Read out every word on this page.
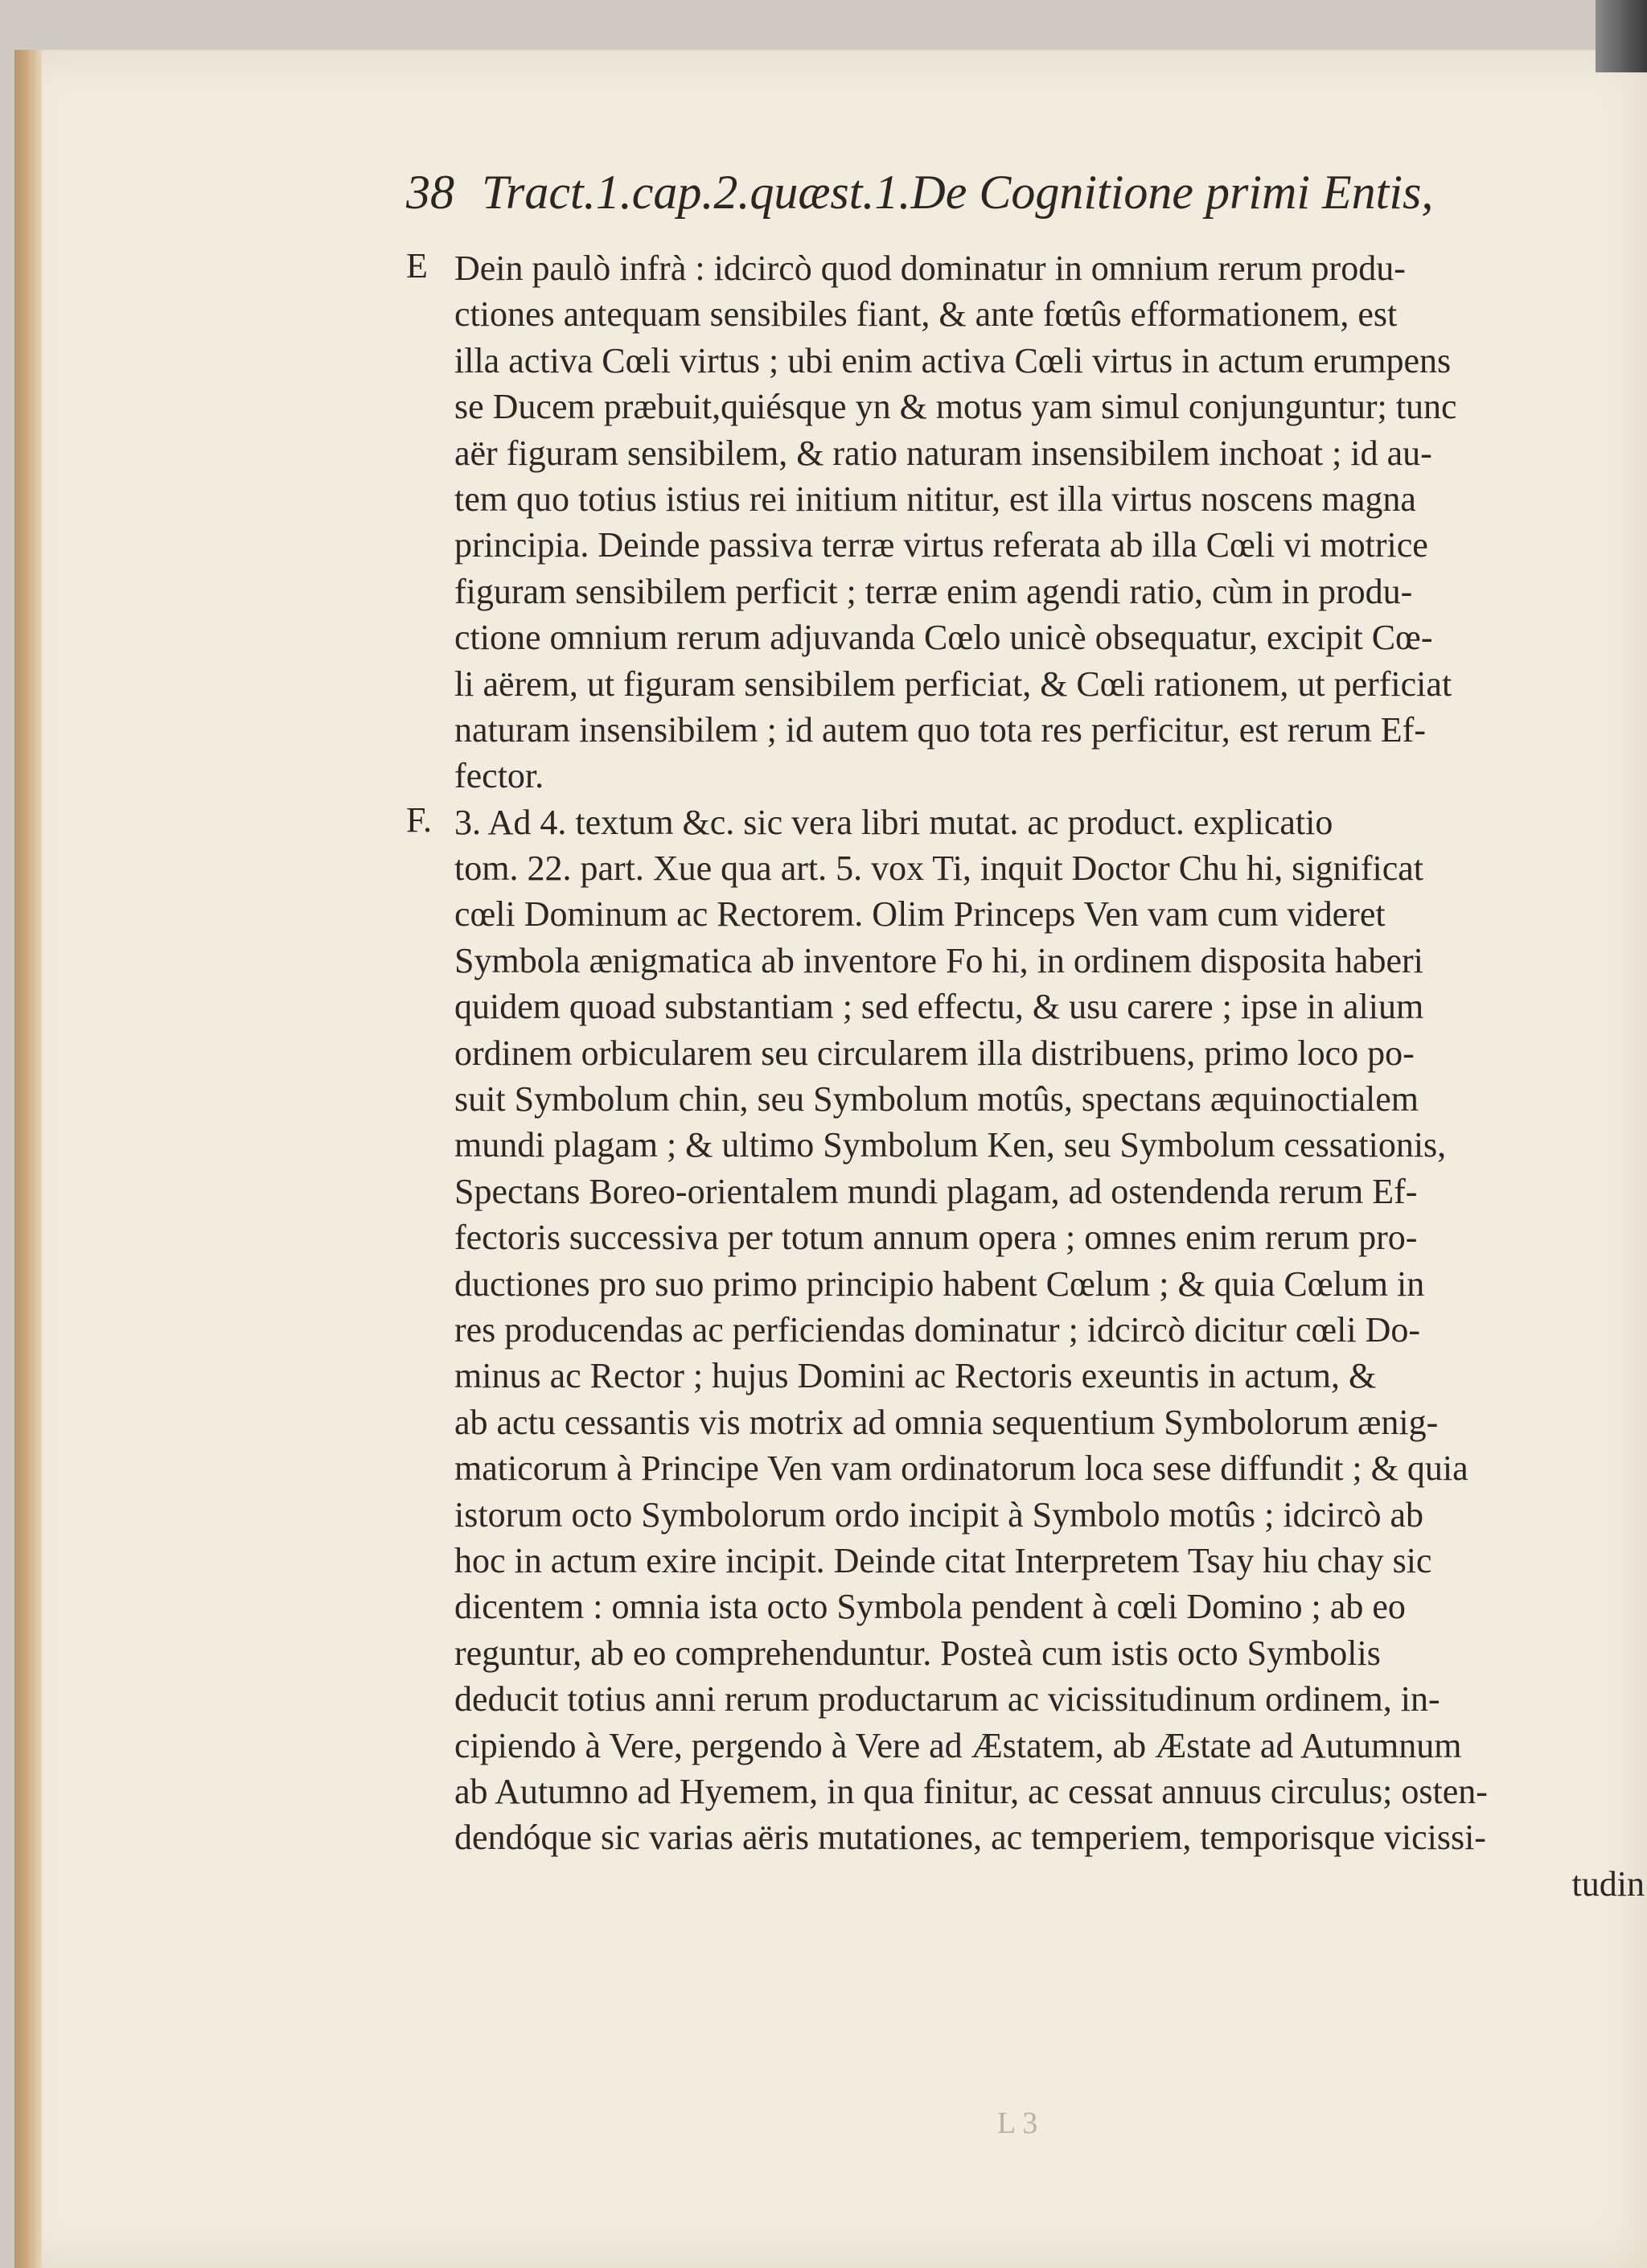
38 Tract.1.cap.2.quæst.1.De Cognitione primi Entis,
E
F.
Dein paulò infrà : idcircò quod dominatur in omnium rerum produ-
ctiones antequam sensibiles fiant, & ante fœtûs efformationem, est
illa activa Cœli virtus ; ubi enim activa Cœli virtus in actum erumpens
se Ducem præbuit,quiésque yn & motus yam simul conjunguntur; tunc
aër figuram sensibilem, & ratio naturam insensibilem inchoat ; id au-
tem quo totius istius rei initium nititur, est illa virtus noscens magna
principia. Deinde passiva terræ virtus referata ab illa Cœli vi motrice
figuram sensibilem perficit ; terræ enim agendi ratio, cùm in produ-
ctione omnium rerum adjuvanda Cœlo unicè obsequatur, excipit Cœ-
li aërem, ut figuram sensibilem perficiat, & Cœli rationem, ut perficiat
naturam insensibilem ; id autem quo tota res perficitur, est rerum Ef-
fector.
3. Ad 4. textum &c. sic vera libri mutat. ac product. explicatio
tom. 22. part. Xue qua art. 5. vox Ti, inquit Doctor Chu hi, significat
cœli Dominum ac Rectorem. Olim Princeps Ven vam cum videret
Symbola ænigmatica ab inventore Fo hi, in ordinem disposita haberi
quidem quoad substantiam ; sed effectu, & usu carere ; ipse in alium
ordinem orbicularem seu circularem illa distribuens, primo loco po-
suit Symbolum chin, seu Symbolum motûs, spectans æquinoctialem
mundi plagam ; & ultimo Symbolum Ken, seu Symbolum cessationis,
Spectans Boreo-orientalem mundi plagam, ad ostendenda rerum Ef-
fectoris successiva per totum annum opera ; omnes enim rerum pro-
ductiones pro suo primo principio habent Cœlum ; & quia Cœlum in
res producendas ac perficiendas dominatur ; idcircò dicitur cœli Do-
minus ac Rector ; hujus Domini ac Rectoris exeuntis in actum, &
ab actu cessantis vis motrix ad omnia sequentium Symbolorum ænig-
maticorum à Principe Ven vam ordinatorum loca sese diffundit ; & quia
istorum octo Symbolorum ordo incipit à Symbolo motûs ; idcircò ab
hoc in actum exire incipit. Deinde citat Interpretem Tsay hiu chay sic
dicentem : omnia ista octo Symbola pendent à cœli Domino ; ab eo
reguntur, ab eo comprehenduntur. Posteà cum istis octo Symbolis
deducit totius anni rerum productarum ac vicissitudinum ordinem, in-
cipiendo à Vere, pergendo à Vere ad Æstatem, ab Æstate ad Autumnum
ab Autumno ad Hyemem, in qua finitur, ac cessat annuus circulus; osten-
dendóque sic varias aëris mutationes, ac temperiem, temporisque vicissi-
tudin
L 3
